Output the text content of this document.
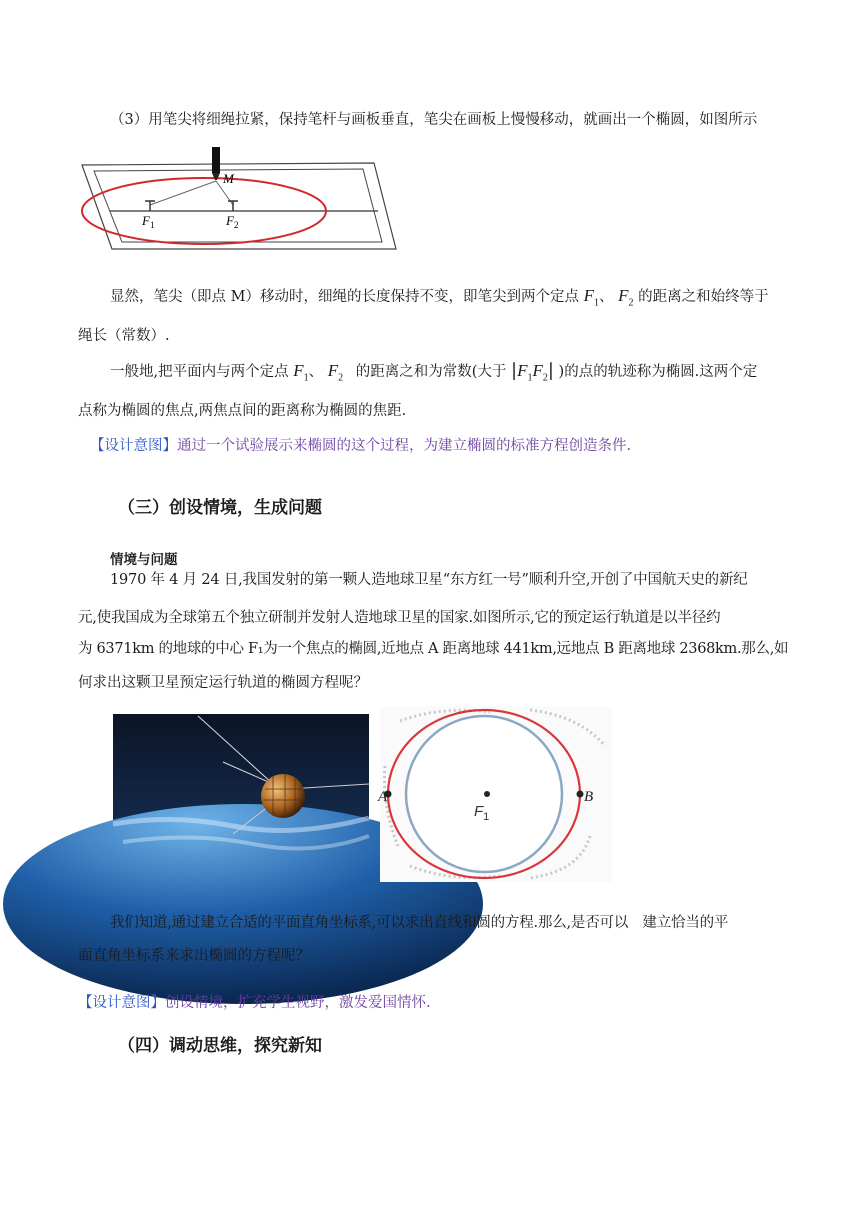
（3）用笔尖将细绳拉紧，保持笔杆与画板垂直，笔尖在画板上慢慢移动，就画出一个椭圆，如图所示
M
$F_1$	$F_2$
显然，笔尖（即点 M）移动时，细绳的长度保持不变，即笔尖到两个定点 $F_1$、 $F_2$ 的距离之和始终等于
绳长（常数）.
一般地,把平面内与两个定点 $F_1$、 $F_2$ 的距离之和为常数(大于 $|F_1F_2|$ )的点的轨迹称为椭圆.这两个定
点称为椭圆的焦点,两焦点间的距离称为椭圆的焦距.
【设计意图】通过一个试验展示来椭圆的这个过程，为建立椭圆的标准方程创造条件.
（三）创设情境，生成问题
情境与问题
1970 年 4 月 24 日,我国发射的第一颗人造地球卫星“东方红一号”顺利升空,开创了中国航天史的新纪
元,使我国成为全球第五个独立研制并发射人造地球卫星的国家.如图所示,它的预定运行轨道是以半径约
为 6371km 的地球的中心 F₁为一个焦点的椭圆,近地点 A 距离地球 441km,远地点 B 距离地球 2368km.那么,如
何求出这颗卫星预定运行轨道的椭圆方程呢？
A	B
$F_1$
我们知道,通过建立合适的平面直角坐标系,可以求出直线和圆的方程.那么,是否可以　建立恰当的平
面直角坐标系来求出椭圆的方程呢？
【设计意图】创设情境，扩充学生视野，激发爱国情怀.
（四）调动思维，探究新知
